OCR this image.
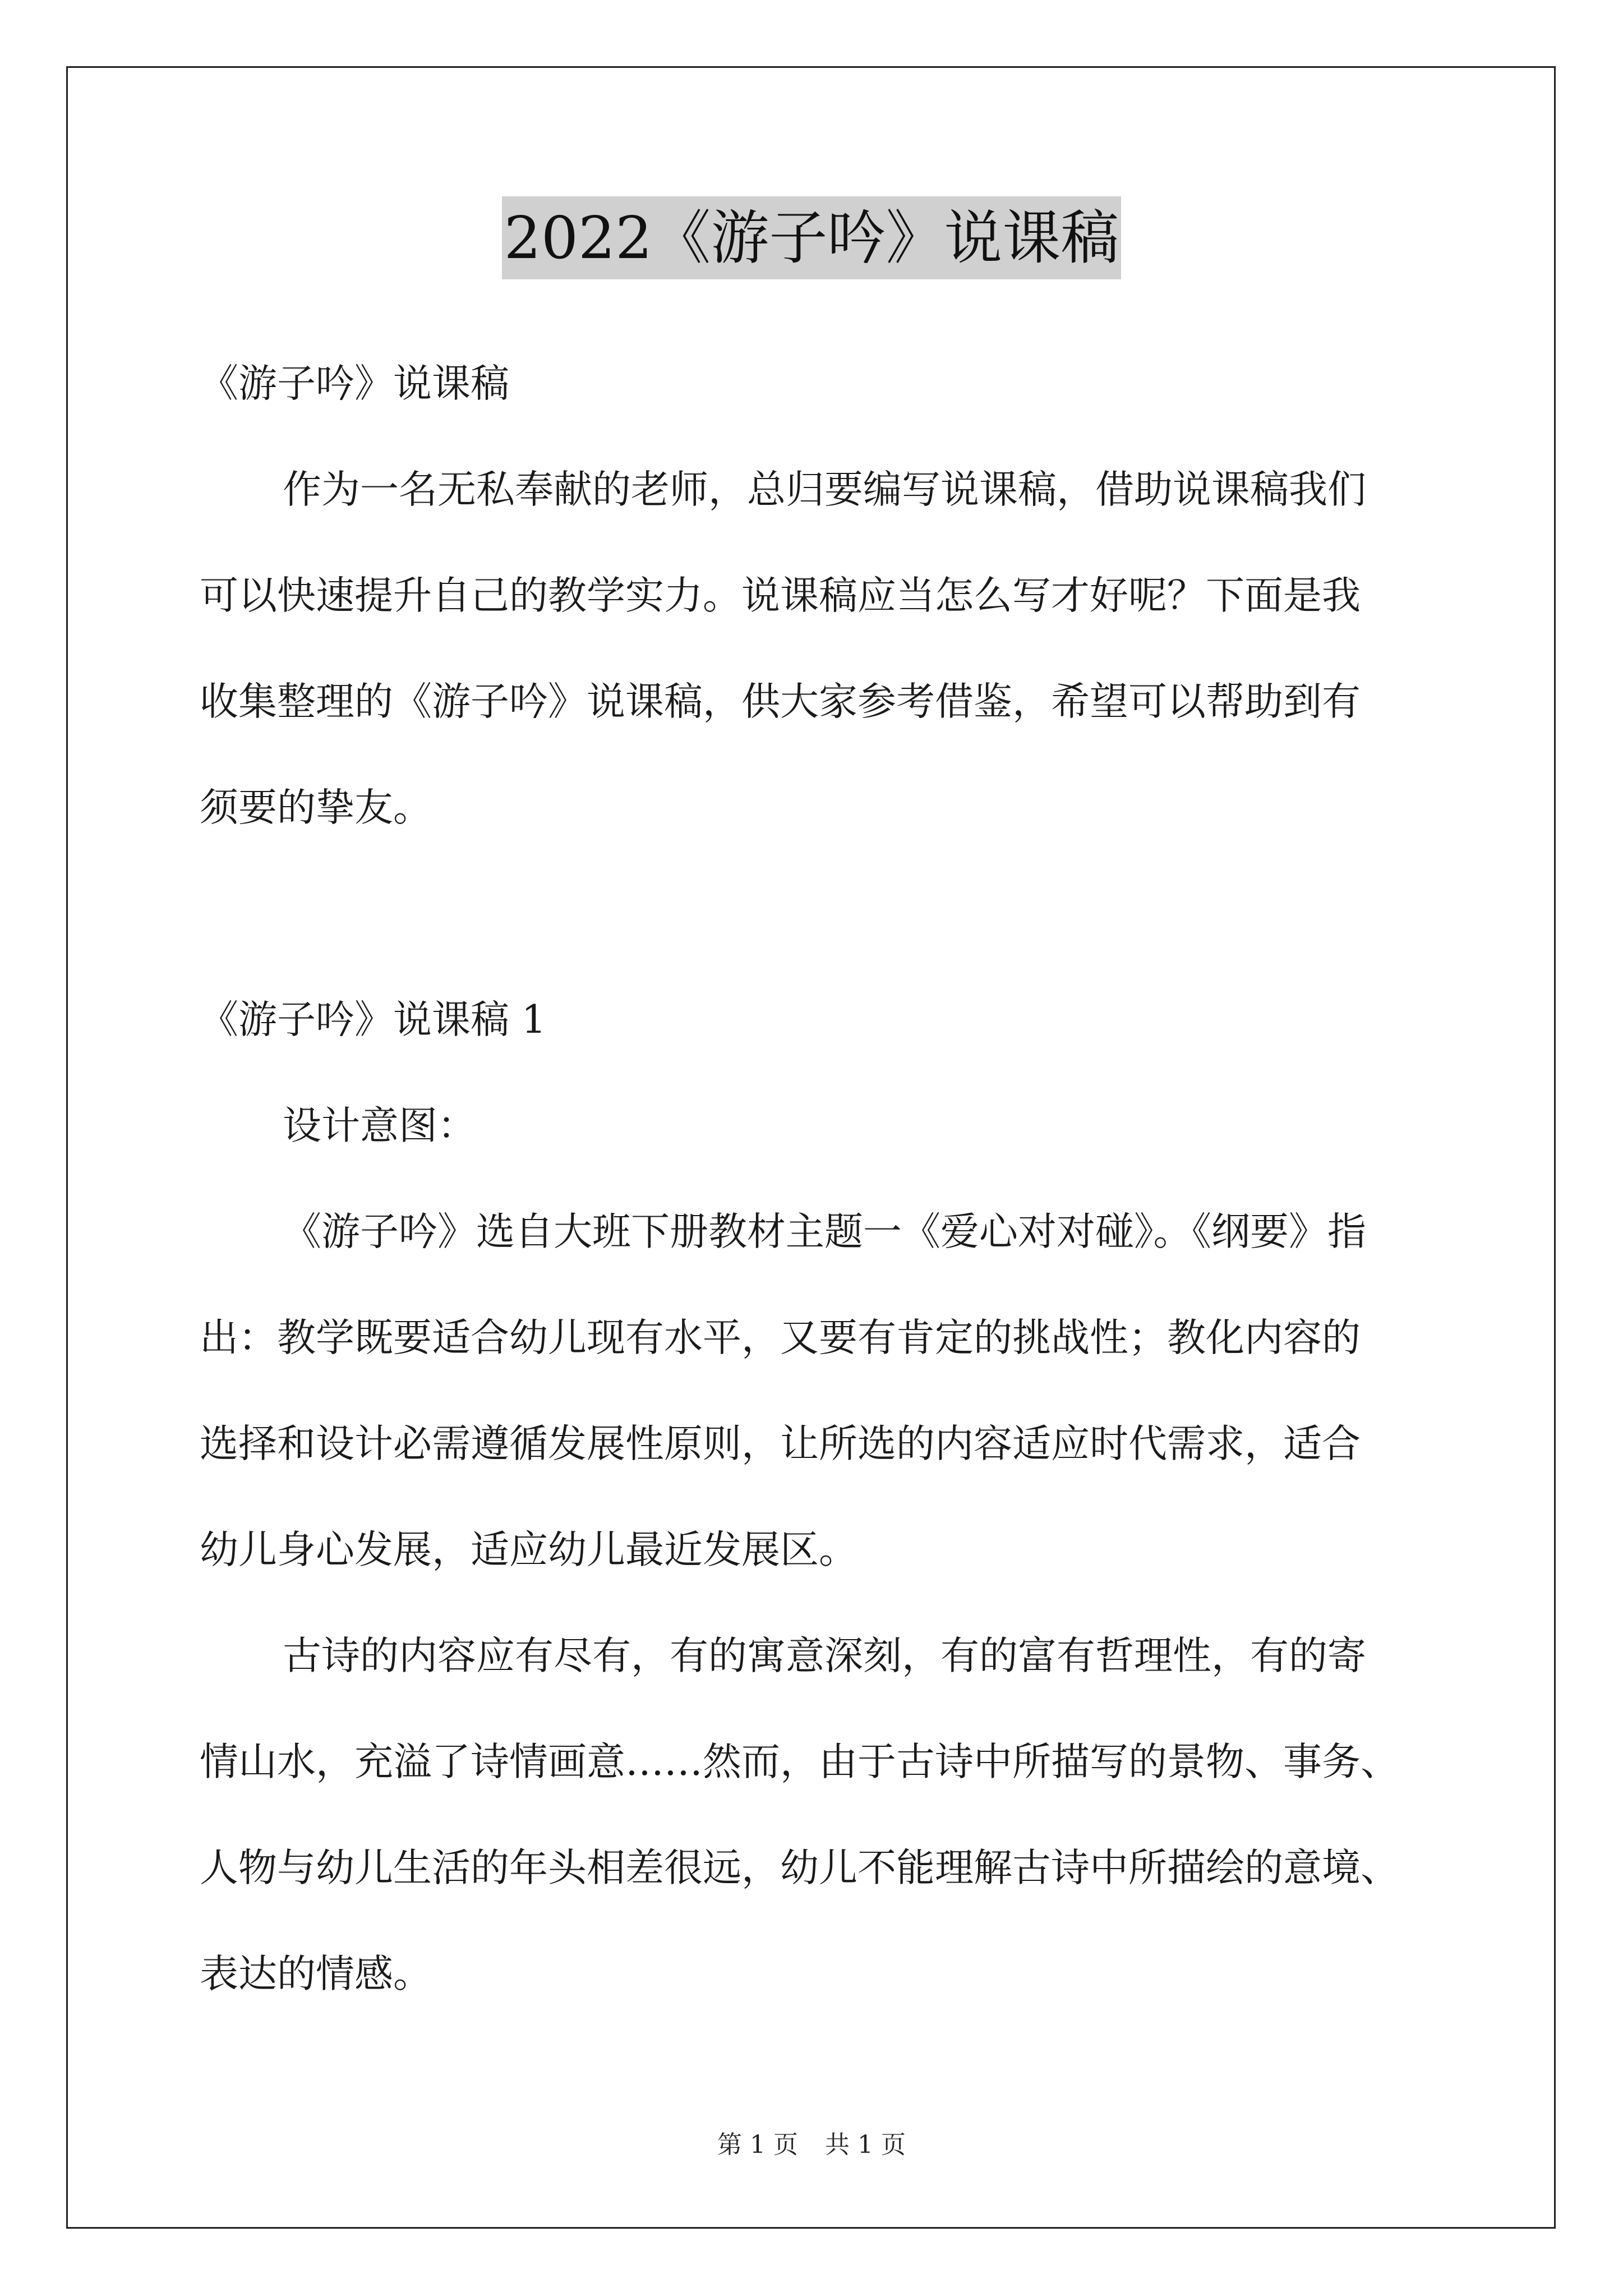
2022《游子吟》说课稿

《游子吟》说课稿

作为一名无私奉献的老师，总归要编写说课稿，借助说课稿我们

可以快速提升自己的教学实力。说课稿应当怎么写才好呢？下面是我

收集整理的《游子吟》说课稿，供大家参考借鉴，希望可以帮助到有

须要的挚友。

《游子吟》说课稿 1

设计意图：

《游子吟》选自大班下册教材主题一《爱心对对碰》。《纲要》指

出：教学既要适合幼儿现有水平，又要有肯定的挑战性；教化内容的

选择和设计必需遵循发展性原则，让所选的内容适应时代需求，适合

幼儿身心发展，适应幼儿最近发展区。

古诗的内容应有尽有，有的寓意深刻，有的富有哲理性，有的寄

情山水，充溢了诗情画意……然而，由于古诗中所描写的景物、事务、

人物与幼儿生活的年头相差很远，幼儿不能理解古诗中所描绘的意境、

表达的情感。

第 1 页 共 1 页
